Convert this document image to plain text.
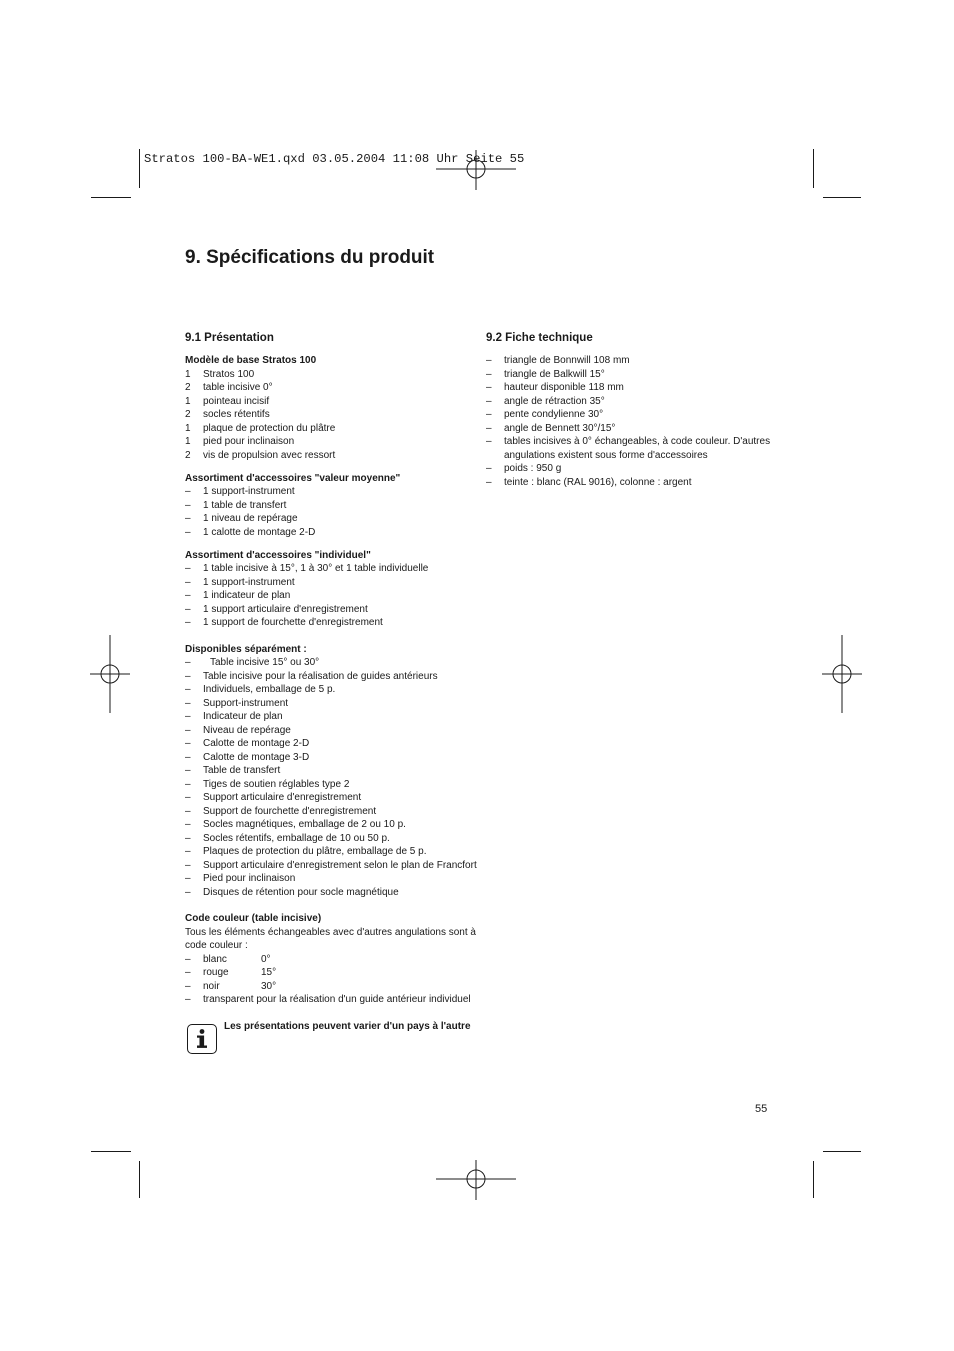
Stratos 100-BA-WE1.qxd 03.05.2004 11:08 Uhr Seite 55
9. Spécifications du produit
9.1 Présentation
Modèle de base Stratos 100
1	Stratos 100
2	table incisive 0°
1	pointeau incisif
2	socles rétentifs
1	plaque de protection du plâtre
1	pied pour inclinaison
2	vis de propulsion avec ressort
Assortiment d'accessoires "valeur moyenne"
–	1 support-instrument
–	1 table de transfert
–	1 niveau de repérage
–	1 calotte de montage 2-D
Assortiment d'accessoires "individuel"
–	1 table incisive à 15°, 1 à 30° et 1 table individuelle
–	1 support-instrument
–	1 indicateur de plan
–	1 support articulaire d'enregistrement
–	1 support de fourchette d'enregistrement
Disponibles séparément :
–	Table incisive 15° ou 30°
–	Table incisive pour la réalisation de guides antérieurs
–	Individuels, emballage de 5 p.
–	Support-instrument
–	Indicateur de plan
–	Niveau de repérage
–	Calotte de montage 2-D
–	Calotte de montage 3-D
–	Table de transfert
–	Tiges de soutien réglables type 2
–	Support articulaire d'enregistrement
–	Support de fourchette d'enregistrement
–	Socles magnétiques, emballage de 2 ou 10 p.
–	Socles rétentifs, emballage de 10 ou 50 p.
–	Plaques de protection du plâtre, emballage de 5 p.
–	Support articulaire d'enregistrement selon le plan de Francfort
–	Pied pour inclinaison
–	Disques de rétention pour socle magnétique
Code couleur (table incisive)
Tous les éléments échangeables avec d'autres angulations sont à
code couleur :
–	blanc	0°
–	rouge	15°
–	noir	30°
–	transparent pour la réalisation d'un guide antérieur individuel
Les présentations peuvent varier d'un pays à l'autre
9.2 Fiche technique
–	triangle de Bonnwill 108 mm
–	triangle de Balkwill 15°
–	hauteur disponible 118 mm
–	angle de rétraction 35°
–	pente condylienne 30°
–	angle de Bennett 30°/15°
–	tables incisives à 0° échangeables, à code couleur. D'autres
angulations existent sous forme d'accessoires
–	poids : 950 g
–	teinte : blanc (RAL 9016), colonne : argent
55
